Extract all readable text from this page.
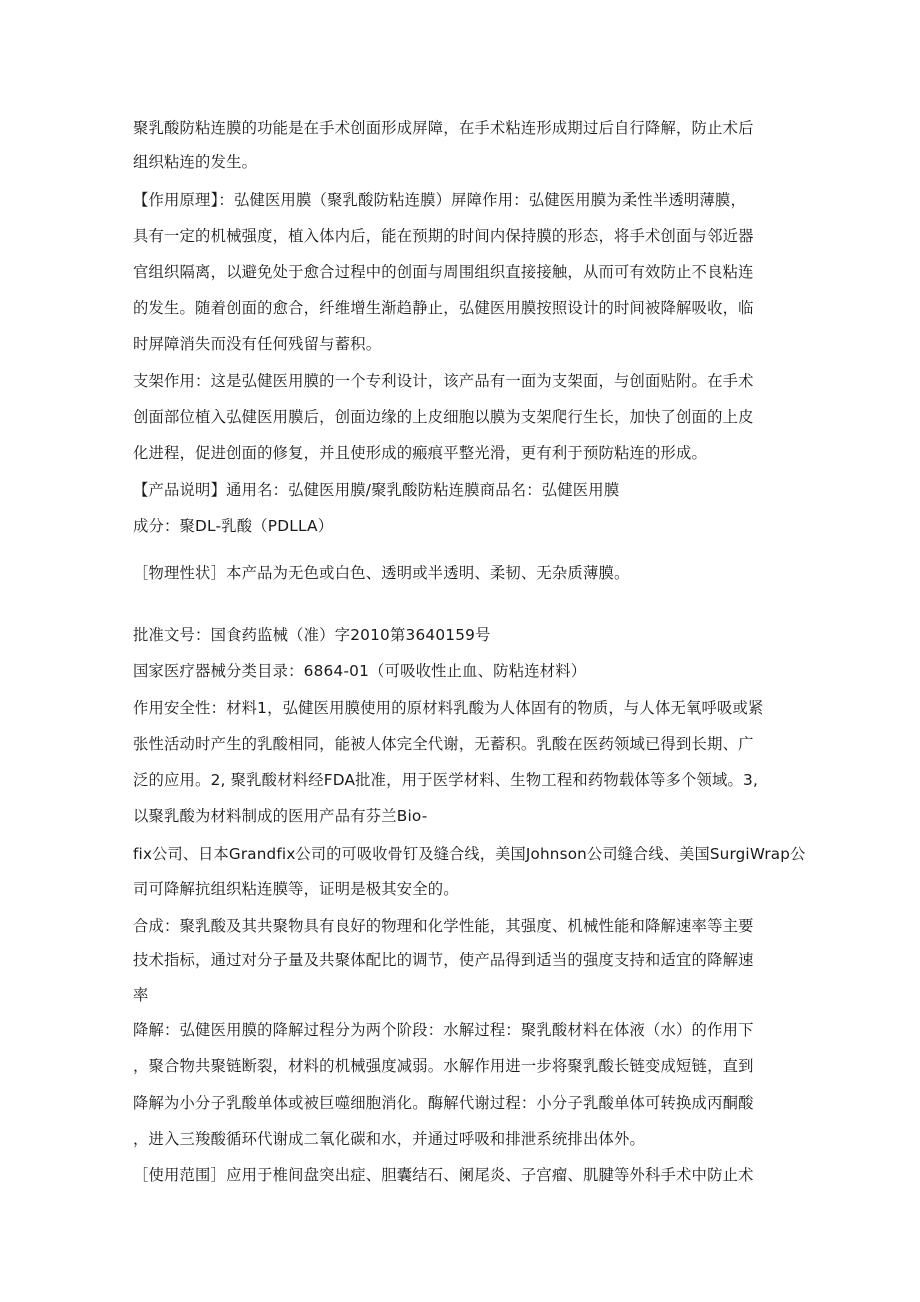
聚乳酸防粘连膜的功能是在手术创面形成屏障，在手术粘连形成期过后自行降解，防止术后
组织粘连的发生。
【作用原理】：弘健医用膜（聚乳酸防粘连膜）屏障作用：弘健医用膜为柔性半透明薄膜，
具有一定的机械强度，植入体内后，能在预期的时间内保持膜的形态，将手术创面与邻近器
官组织隔离，以避免处于愈合过程中的创面与周围组织直接接触，从而可有效防止不良粘连
的发生。随着创面的愈合，纤维增生渐趋静止，弘健医用膜按照设计的时间被降解吸收，临
时屏障消失而没有任何残留与蓄积。
支架作用：这是弘健医用膜的一个专利设计，该产品有一面为支架面，与创面贴附。在手术
创面部位植入弘健医用膜后，创面边缘的上皮细胞以膜为支架爬行生长，加快了创面的上皮
化进程，促进创面的修复，并且使形成的瘢痕平整光滑，更有利于预防粘连的形成。
【产品说明】通用名：弘健医用膜/聚乳酸防粘连膜商品名：弘健医用膜
成分：聚DL-乳酸（PDLLA）
［物理性状］本产品为无色或白色、透明或半透明、柔韧、无杂质薄膜。
批准文号：国食药监械（准）字2010第3640159号
国家医疗器械分类目录：6864-01（可吸收性止血、防粘连材料）
作用安全性：材料1，弘健医用膜使用的原材料乳酸为人体固有的物质，与人体无氧呼吸或紧
张性活动时产生的乳酸相同，能被人体完全代谢，无蓄积。乳酸在医药领域已得到长期、广
泛的应用。2, 聚乳酸材料经FDA批准，用于医学材料、生物工程和药物载体等多个领域。3,
以聚乳酸为材料制成的医用产品有芬兰Bio-
fix公司、日本Grandfix公司的可吸收骨钉及缝合线，美国Johnson公司缝合线、美国SurgiWrap公
司可降解抗组织粘连膜等，证明是极其安全的。
合成：聚乳酸及其共聚物具有良好的物理和化学性能，其强度、机械性能和降解速率等主要
技术指标，通过对分子量及共聚体配比的调节，使产品得到适当的强度支持和适宜的降解速
率
降解：弘健医用膜的降解过程分为两个阶段：水解过程：聚乳酸材料在体液（水）的作用下
，聚合物共聚链断裂，材料的机械强度减弱。水解作用进一步将聚乳酸长链变成短链，直到
降解为小分子乳酸单体或被巨噬细胞消化。酶解代谢过程：小分子乳酸单体可转换成丙酮酸
，进入三羧酸循环代谢成二氧化碳和水，并通过呼吸和排泄系统排出体外。
［使用范围］应用于椎间盘突出症、胆囊结石、阑尾炎、子宫瘤、肌腱等外科手术中防止术
